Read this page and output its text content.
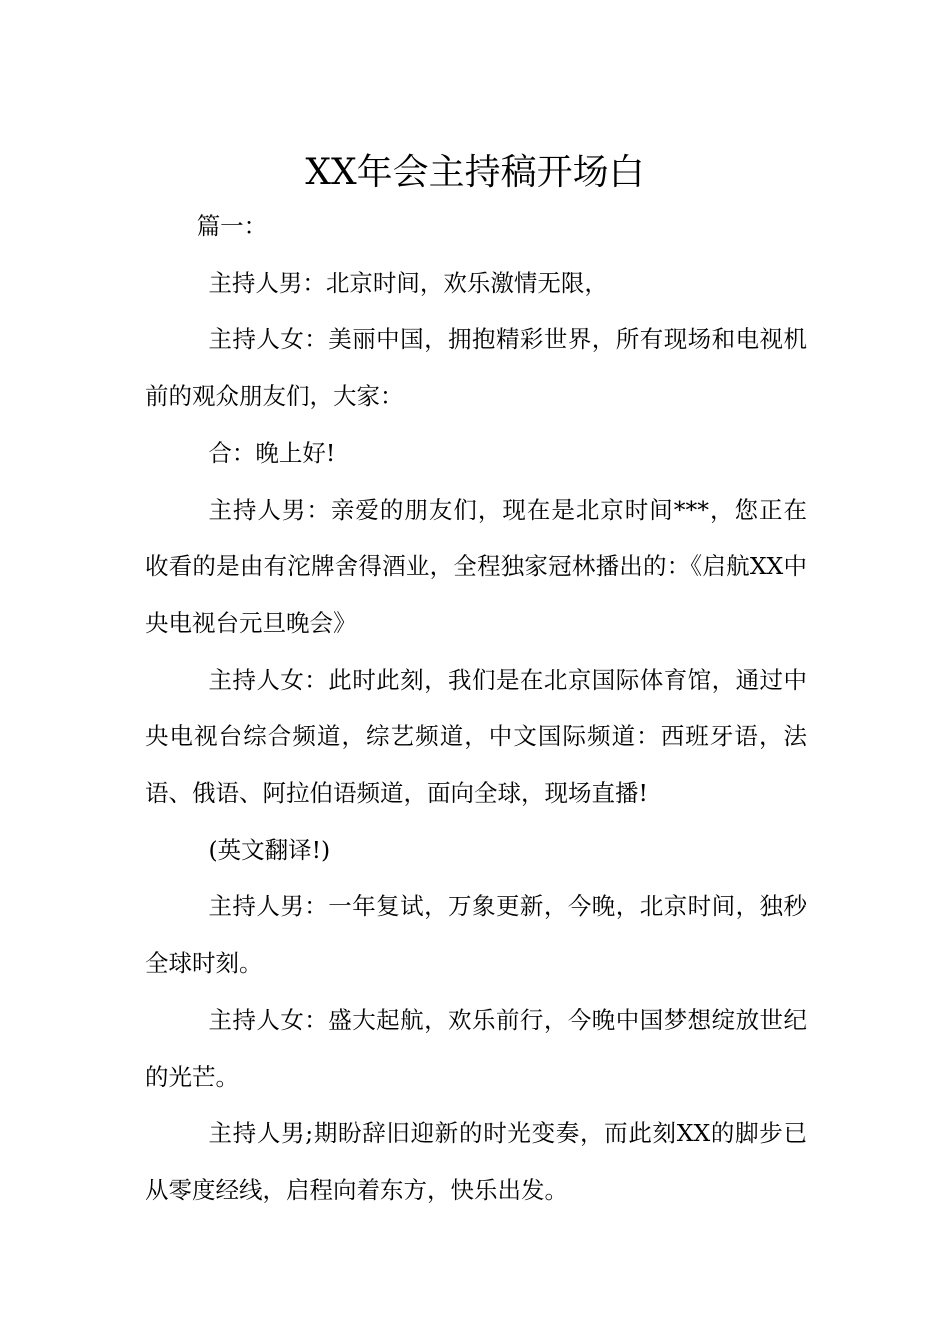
XX年会主持稿开场白

篇一：

主持人男：北京时间，欢乐激情无限，

主持人女：美丽中国，拥抱精彩世界，所有现场和电视机前的观众朋友们，大家：

合：晚上好!

主持人男：亲爱的朋友们，现在是北京时间***，您正在收看的是由有沱牌舍得酒业，全程独家冠林播出的：《启航XX中央电视台元旦晚会》

主持人女：此时此刻，我们是在北京国际体育馆，通过中央电视台综合频道，综艺频道，中文国际频道：西班牙语，法语、俄语、阿拉伯语频道，面向全球，现场直播!

(英文翻译!)

主持人男：一年复试，万象更新，今晚，北京时间，独秒全球时刻。

主持人女：盛大起航，欢乐前行，今晚中国梦想绽放世纪的光芒。

主持人男;期盼辞旧迎新的时光变奏，而此刻XX的脚步已从零度经线，启程向着东方，快乐出发。
